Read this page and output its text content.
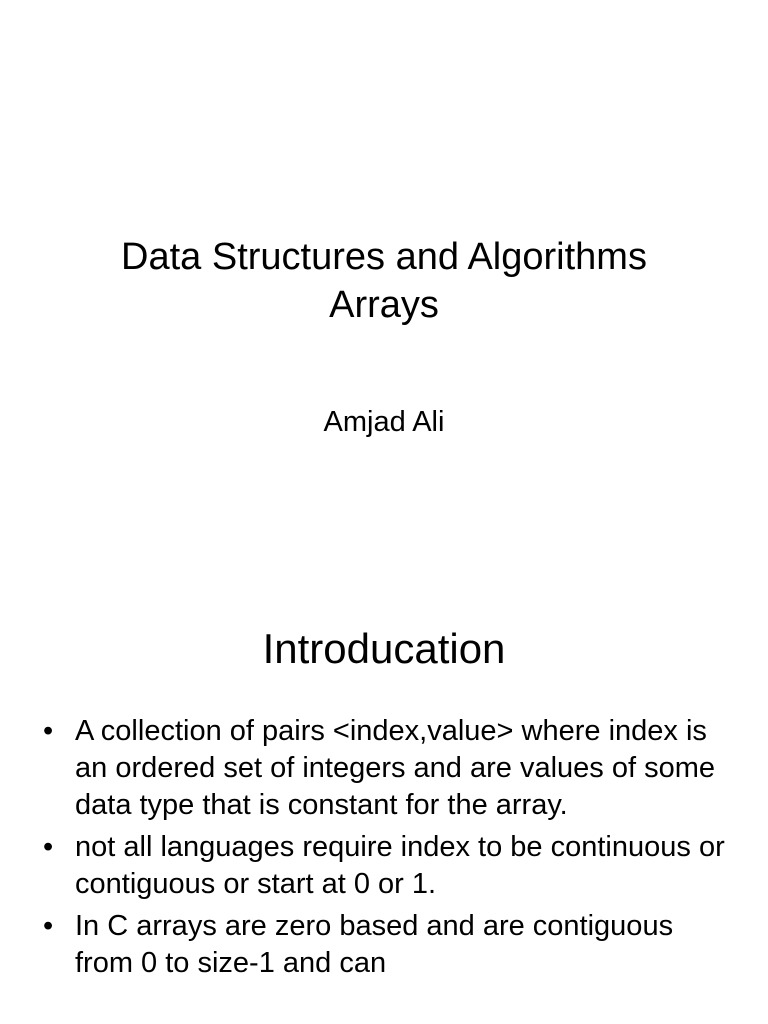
Data Structures and Algorithms
Arrays
Amjad Ali
Introducation
• A collection of pairs <index,value> where index is an ordered set of integers and are values of some data type that is constant for the array.
• not all languages require index to be continuous or contiguous or start at 0 or 1.
• In C arrays are zero based and are contiguous from 0 to size-1 and can
